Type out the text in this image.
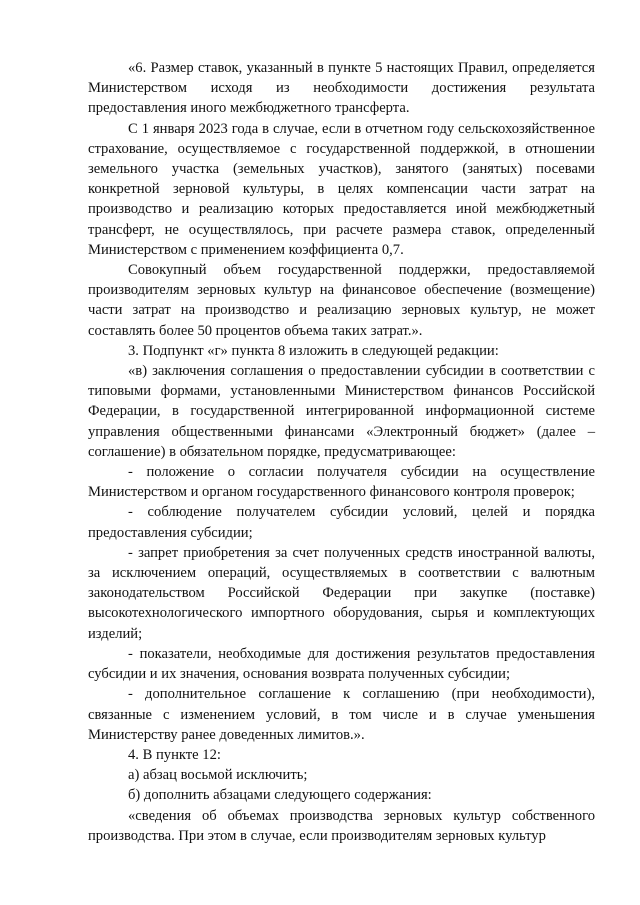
«6. Размер ставок, указанный в пункте 5 настоящих Правил, определяется Министерством исходя из необходимости достижения результата предоставления иного межбюджетного трансферта.

С 1 января 2023 года в случае, если в отчетном году сельскохозяйственное страхование, осуществляемое с государственной поддержкой, в отношении земельного участка (земельных участков), занятого (занятых) посевами конкретной зерновой культуры, в целях компенсации части затрат на производство и реализацию которых предоставляется иной межбюджетный трансферт, не осуществлялось, при расчете размера ставок, определенный Министерством с применением коэффициента 0,7.

Совокупный объем государственной поддержки, предоставляемой производителям зерновых культур на финансовое обеспечение (возмещение) части затрат на производство и реализацию зерновых культур, не может составлять более 50 процентов объема таких затрат.».

3. Подпункт «г» пункта 8 изложить в следующей редакции:

«в) заключения соглашения о предоставлении субсидии в соответствии с типовыми формами, установленными Министерством финансов Российской Федерации, в государственной интегрированной информационной системе управления общественными финансами «Электронный бюджет» (далее – соглашение) в обязательном порядке, предусматривающее:

- положение о согласии получателя субсидии на осуществление Министерством и органом государственного финансового контроля проверок;

- соблюдение получателем субсидии условий, целей и порядка предоставления субсидии;

- запрет приобретения за счет полученных средств иностранной валюты, за исключением операций, осуществляемых в соответствии с валютным законодательством Российской Федерации при закупке (поставке) высокотехнологического импортного оборудования, сырья и комплектующих изделий;

- показатели, необходимые для достижения результатов предоставления субсидии и их значения, основания возврата полученных субсидии;

- дополнительное соглашение к соглашению (при необходимости), связанные с изменением условий, в том числе и в случае уменьшения Министерству ранее доведенных лимитов.».

4. В пункте 12:

а) абзац восьмой исключить;

б) дополнить абзацами следующего содержания:

«сведения об объемах производства зерновых культур собственного производства. При этом в случае, если производителям зерновых культур
